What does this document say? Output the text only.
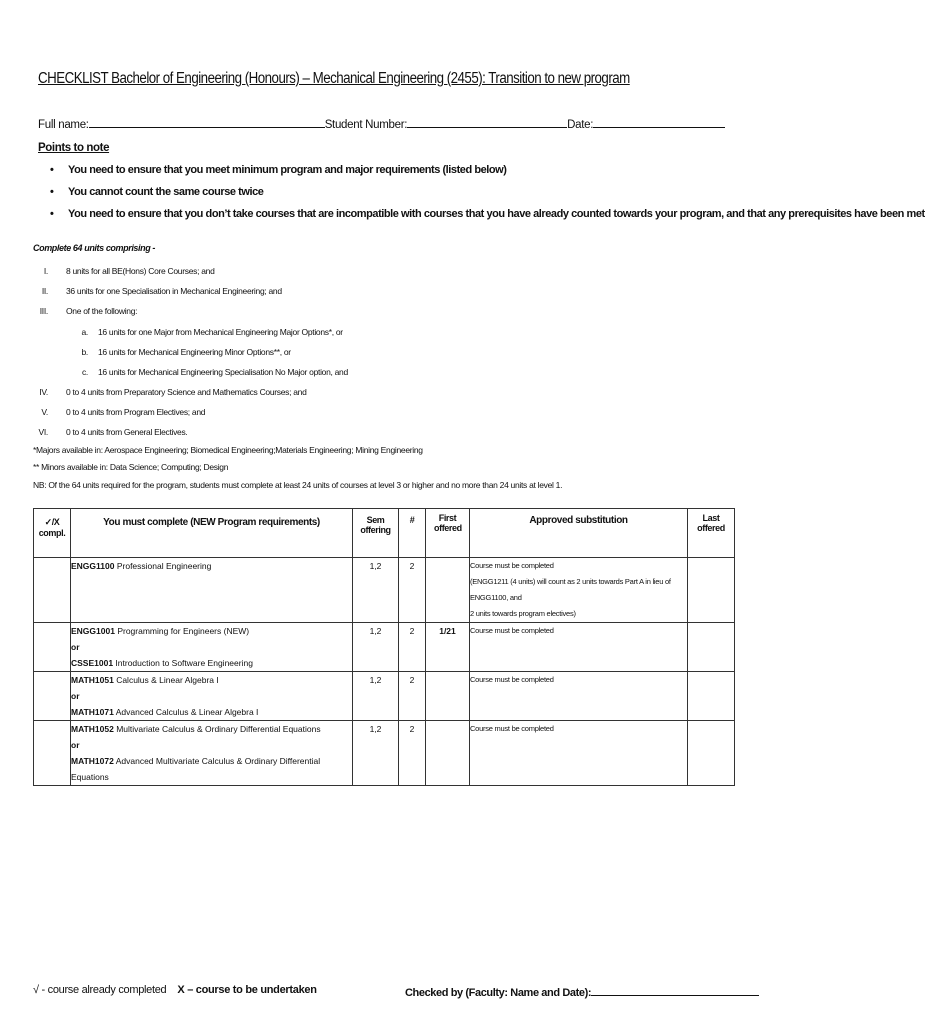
CHECKLIST Bachelor of Engineering (Honours) – Mechanical Engineering (2455): Transition to new program
Full name:	Student Number:	Date:
Points to note
• You need to ensure that you meet minimum program and major requirements (listed below)
• You cannot count the same course twice
• You need to ensure that you don’t take courses that are incompatible with courses that you have already counted towards your program, and that any prerequisites have been met
Complete 64 units comprising -
I. 8 units for all BE(Hons) Core Courses; and
II. 36 units for one Specialisation in Mechanical Engineering; and
III. One of the following:
a. 16 units for one Major from Mechanical Engineering Major Options*, or
b. 16 units for Mechanical Engineering Minor Options**, or
c. 16 units for Mechanical Engineering Specialisation No Major option, and
IV. 0 to 4 units from Preparatory Science and Mathematics Courses; and
V. 0 to 4 units from Program Electives; and
VI. 0 to 4 units from General Electives.
*Majors available in: Aerospace Engineering; Biomedical Engineering;Materials Engineering; Mining Engineering
** Minors available in: Data Science; Computing; Design
NB: Of the 64 units required for the program, students must complete at least 24 units of courses at level 3 or higher and no more than 24 units at level 1.
✓/X compl.	You must complete (NEW Program requirements)	Sem offering	#	First offered	Approved substitution	Last offered
	ENGG1100 Professional Engineering	1,2	2		Course must be completed
(ENGG1211 (4 units) will count as 2 units towards Part A in lieu of ENGG1100, and
2 units towards program electives)	

	ENGG1001 Programming for Engineers (NEW)
or
CSSE1001 Introduction to Software Engineering	1,2	2	1/21	Course must be completed	

	MATH1051 Calculus & Linear Algebra I
or
MATH1071 Advanced Calculus & Linear Algebra I	1,2	2		Course must be completed	

	MATH1052 Multivariate Calculus & Ordinary Differential Equations
or
MATH1072 Advanced Multivariate Calculus & Ordinary Differential Equations	1,2	2		Course must be completed	

√ - course already completed X – course to be undertaken	Checked by (Faculty: Name and Date):
